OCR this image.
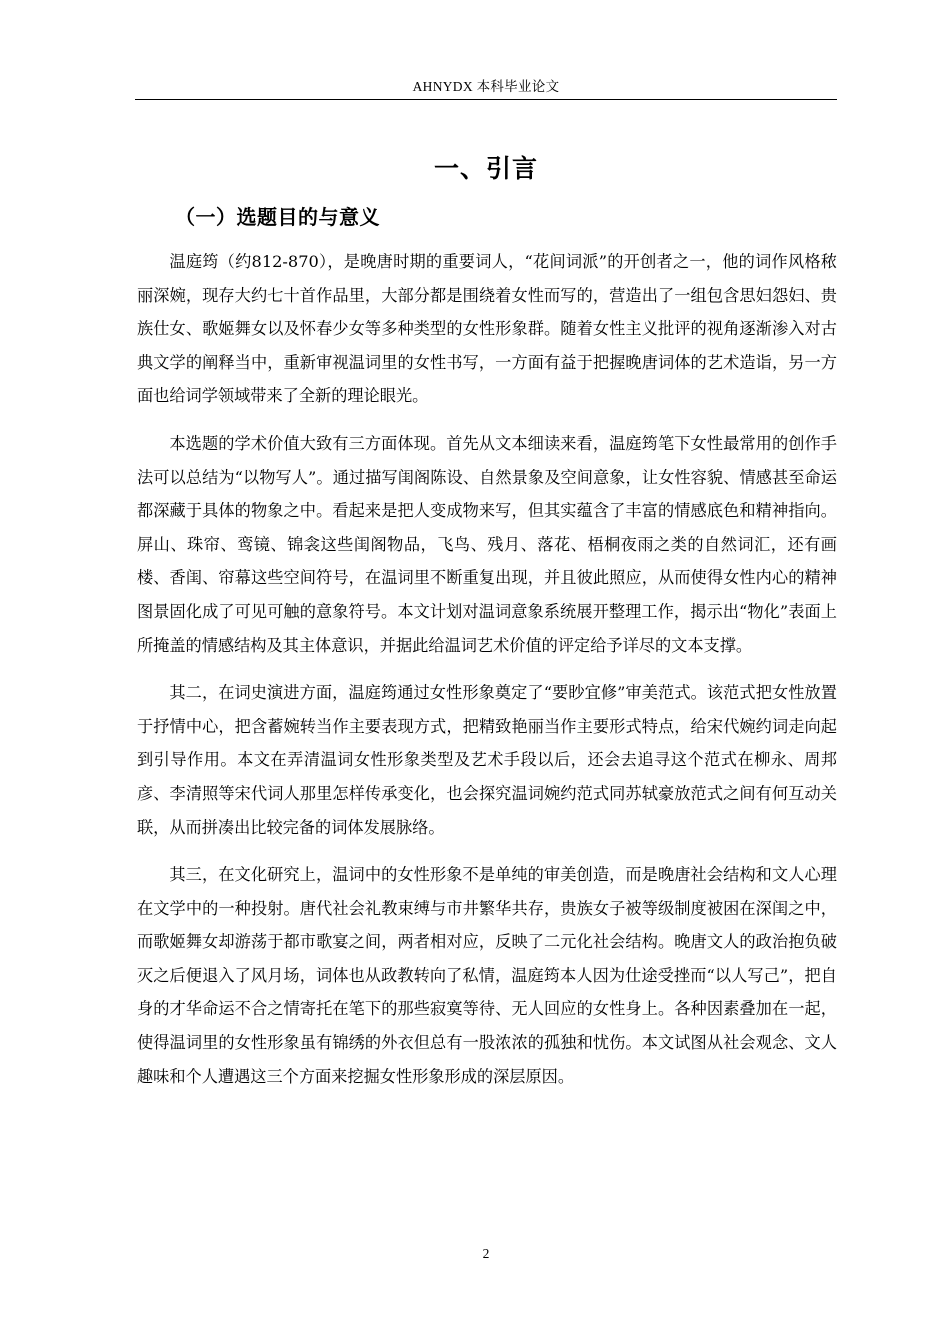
AHNYDX 本科毕业论文
一、引言
（一）选题目的与意义

温庭筠（约812-870），是晚唐时期的重要词人，“花间词派”的开创者之一，他的词作风格秾丽深婉，现存大约七十首作品里，大部分都是围绕着女性而写的，营造出了一组包含思妇怨妇、贵族仕女、歌姬舞女以及怀春少女等多种类型的女性形象群。随着女性主义批评的视角逐渐渗入对古典文学的阐释当中，重新审视温词里的女性书写，一方面有益于把握晚唐词体的艺术造诣，另一方面也给词学领域带来了全新的理论眼光。

本选题的学术价值大致有三方面体现。首先从文本细读来看，温庭筠笔下女性最常用的创作手法可以总结为“以物写人”。通过描写闺阁陈设、自然景象及空间意象，让女性容貌、情感甚至命运都深藏于具体的物象之中。看起来是把人变成物来写，但其实蕴含了丰富的情感底色和精神指向。屏山、珠帘、鸾镜、锦衾这些闺阁物品，飞鸟、残月、落花、梧桐夜雨之类的自然词汇，还有画楼、香闺、帘幕这些空间符号，在温词里不断重复出现，并且彼此照应，从而使得女性内心的精神图景固化成了可见可触的意象符号。本文计划对温词意象系统展开整理工作，揭示出“物化”表面上所掩盖的情感结构及其主体意识，并据此给温词艺术价值的评定给予详尽的文本支撑。

其二，在词史演进方面，温庭筠通过女性形象奠定了“要眇宜修”审美范式。该范式把女性放置于抒情中心，把含蓄婉转当作主要表现方式，把精致艳丽当作主要形式特点，给宋代婉约词走向起到引导作用。本文在弄清温词女性形象类型及艺术手段以后，还会去追寻这个范式在柳永、周邦彦、李清照等宋代词人那里怎样传承变化，也会探究温词婉约范式同苏轼豪放范式之间有何互动关联，从而拼凑出比较完备的词体发展脉络。

其三，在文化研究上，温词中的女性形象不是单纯的审美创造，而是晚唐社会结构和文人心理在文学中的一种投射。唐代社会礼教束缚与市井繁华共存，贵族女子被等级制度被困在深闺之中，而歌姬舞女却游荡于都市歌宴之间，两者相对应，反映了二元化社会结构。晚唐文人的政治抱负破灭之后便退入了风月场，词体也从政教转向了私情，温庭筠本人因为仕途受挫而“以人写己”，把自身的才华命运不合之情寄托在笔下的那些寂寞等待、无人回应的女性身上。各种因素叠加在一起，使得温词里的女性形象虽有锦绣的外衣但总有一股浓浓的孤独和忧伤。本文试图从社会观念、文人趣味和个人遭遇这三个方面来挖掘女性形象形成的深层原因。

2
